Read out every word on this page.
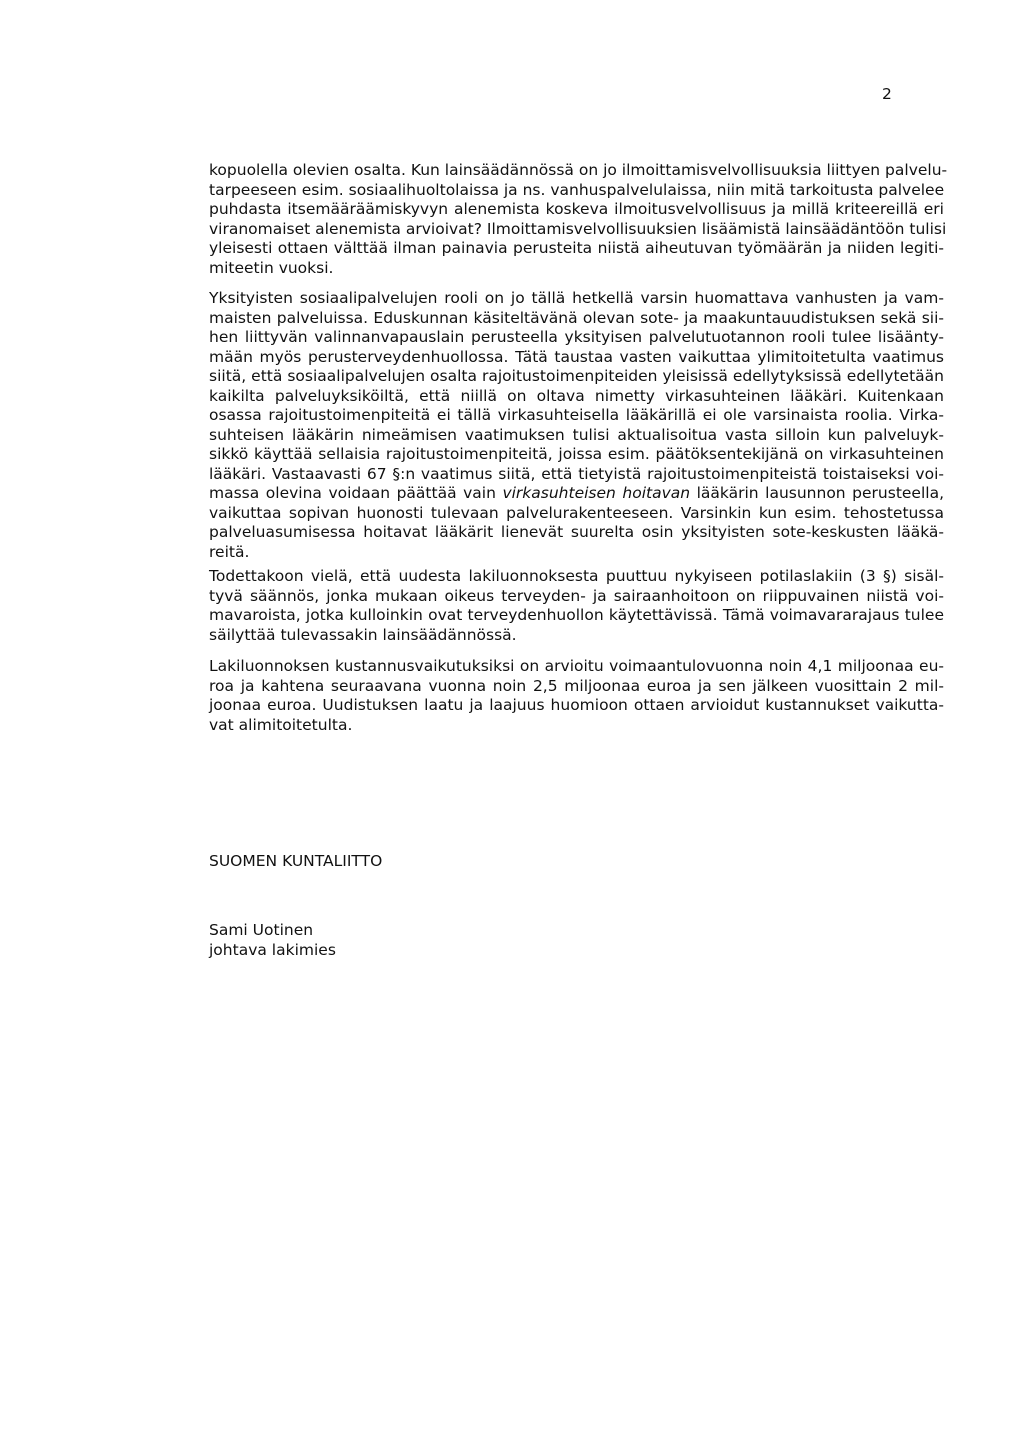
2
kopuolella olevien osalta. Kun lainsäädännössä on jo ilmoittamisvelvollisuuksia liittyen palvelu-
tarpeeseen esim. sosiaalihuoltolaissa ja ns. vanhuspalvelulaissa, niin mitä tarkoitusta palvelee
puhdasta itsemääräämiskyvyn alenemista koskeva ilmoitusvelvollisuus ja millä kriteereillä eri
viranomaiset alenemista arvioivat? Ilmoittamisvelvollisuuksien lisäämistä lainsäädäntöön tulisi
yleisesti ottaen välttää ilman painavia perusteita niistä aiheutuvan työmäärän ja niiden legiti-
miteetin vuoksi.
Yksityisten sosiaalipalvelujen rooli on jo tällä hetkellä varsin huomattava vanhusten ja vam-
maisten palveluissa. Eduskunnan käsiteltävänä olevan sote- ja maakuntauudistuksen sekä sii-
hen liittyvän valinnanvapauslain perusteella yksityisen palvelutuotannon rooli tulee lisäänty-
mään myös perusterveydenhuollossa. Tätä taustaa vasten vaikuttaa ylimitoitetulta vaatimus
siitä, että sosiaalipalvelujen osalta rajoitustoimenpiteiden yleisissä edellytyksissä edellytetään
kaikilta palveluyksiköiltä, että niillä on oltava nimetty virkasuhteinen lääkäri. Kuitenkaan
osassa rajoitustoimenpiteitä ei tällä virkasuhteisella lääkärillä ei ole varsinaista roolia. Virka-
suhteisen lääkärin nimeämisen vaatimuksen tulisi aktualisoitua vasta silloin kun palveluyk-
sikkö käyttää sellaisia rajoitustoimenpiteitä, joissa esim. päätöksentekijänä on virkasuhteinen
lääkäri. Vastaavasti 67 §:n vaatimus siitä, että tietyistä rajoitustoimenpiteistä toistaiseksi voi-
massa olevina voidaan päättää vain virkasuhteisen hoitavan lääkärin lausunnon perusteella,
vaikuttaa sopivan huonosti tulevaan palvelurakenteeseen. Varsinkin kun esim. tehostetussa
palveluasumisessa hoitavat lääkärit lienevät suurelta osin yksityisten sote-keskusten lääkä-
reitä.
Todettakoon vielä, että uudesta lakiluonnoksesta puuttuu nykyiseen potilaslakiin (3 §) sisäl-
tyvä säännös, jonka mukaan oikeus terveyden- ja sairaanhoitoon on riippuvainen niistä voi-
mavaroista, jotka kulloinkin ovat terveydenhuollon käytettävissä. Tämä voimavararajaus tulee
säilyttää tulevassakin lainsäädännössä.
Lakiluonnoksen kustannusvaikutuksiksi on arvioitu voimaantulovuonna noin 4,1 miljoonaa eu-
roa ja kahtena seuraavana vuonna noin 2,5 miljoonaa euroa ja sen jälkeen vuosittain 2 mil-
joonaa euroa. Uudistuksen laatu ja laajuus huomioon ottaen arvioidut kustannukset vaikutta-
vat alimitoitetulta.
SUOMEN KUNTALIITTO
Sami Uotinen
johtava lakimies
